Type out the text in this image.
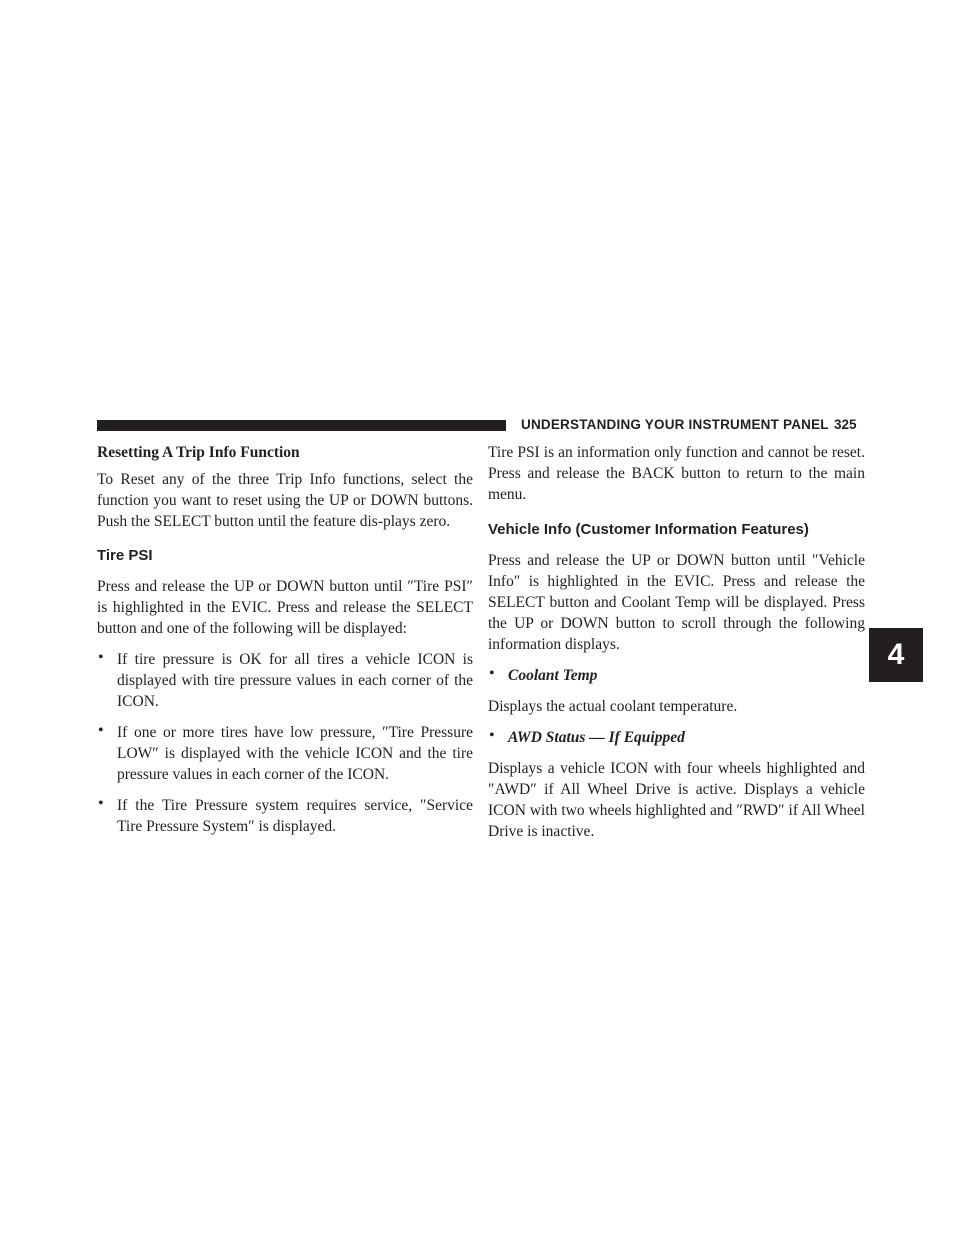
UNDERSTANDING YOUR INSTRUMENT PANEL 325
4
Resetting A Trip Info Function

To Reset any of the three Trip Info functions, select the function you want to reset using the UP or DOWN buttons. Push the SELECT button until the feature dis-plays zero.

Tire PSI

Press and release the UP or DOWN button until ″Tire PSI″ is highlighted in the EVIC. Press and release the SELECT button and one of the following will be displayed:

• If tire pressure is OK for all tires a vehicle ICON is displayed with tire pressure values in each corner of the ICON.

• If one or more tires have low pressure, ″Tire Pressure LOW″ is displayed with the vehicle ICON and the tire pressure values in each corner of the ICON.

• If the Tire Pressure system requires service, ″Service Tire Pressure System″ is displayed.

Tire PSI is an information only function and cannot be reset. Press and release the BACK button to return to the main menu.

Vehicle Info (Customer Information Features)

Press and release the UP or DOWN button until ″Vehicle Info″ is highlighted in the EVIC. Press and release the SELECT button and Coolant Temp will be displayed. Press the UP or DOWN button to scroll through the following information displays.

• Coolant Temp

Displays the actual coolant temperature.

• AWD Status — If Equipped

Displays a vehicle ICON with four wheels highlighted and ″AWD″ if All Wheel Drive is active. Displays a vehicle ICON with two wheels highlighted and ″RWD″ if All Wheel Drive is inactive.
